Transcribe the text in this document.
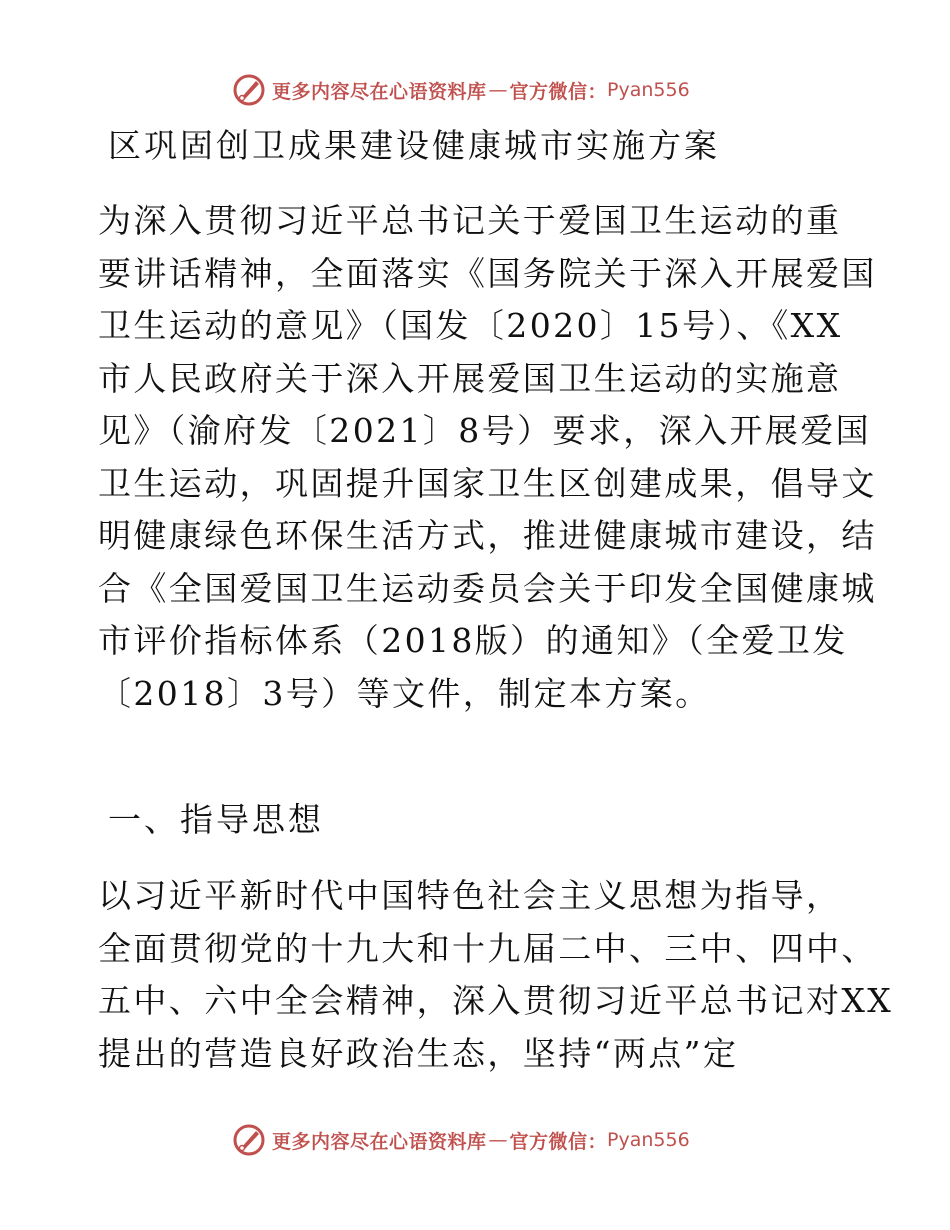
更多内容尽在心语资料库 — 官方微信： Pyan556
区巩固创卫成果建设健康城市实施方案
为深入贯彻习近平总书记关于爱国卫生运动的重
要讲话精神，全面落实《国务院关于深入开展爱国
卫生运动的意见》（国发〔2020〕15号）、《XX
市人民政府关于深入开展爱国卫生运动的实施意
见》（渝府发〔2021〕8号）要求，深入开展爱国
卫生运动，巩固提升国家卫生区创建成果，倡导文
明健康绿色环保生活方式，推进健康城市建设，结
合《全国爱国卫生运动委员会关于印发全国健康城
市评价指标体系（2018版）的通知》（全爱卫发
〔2018〕3号）等文件，制定本方案。
一、指导思想
以习近平新时代中国特色社会主义思想为指导，
全面贯彻党的十九大和十九届二中、三中、四中、
五中、六中全会精神，深入贯彻习近平总书记对XX
提出的营造良好政治生态，坚持“两点”定
更多内容尽在心语资料库 — 官方微信： Pyan556
